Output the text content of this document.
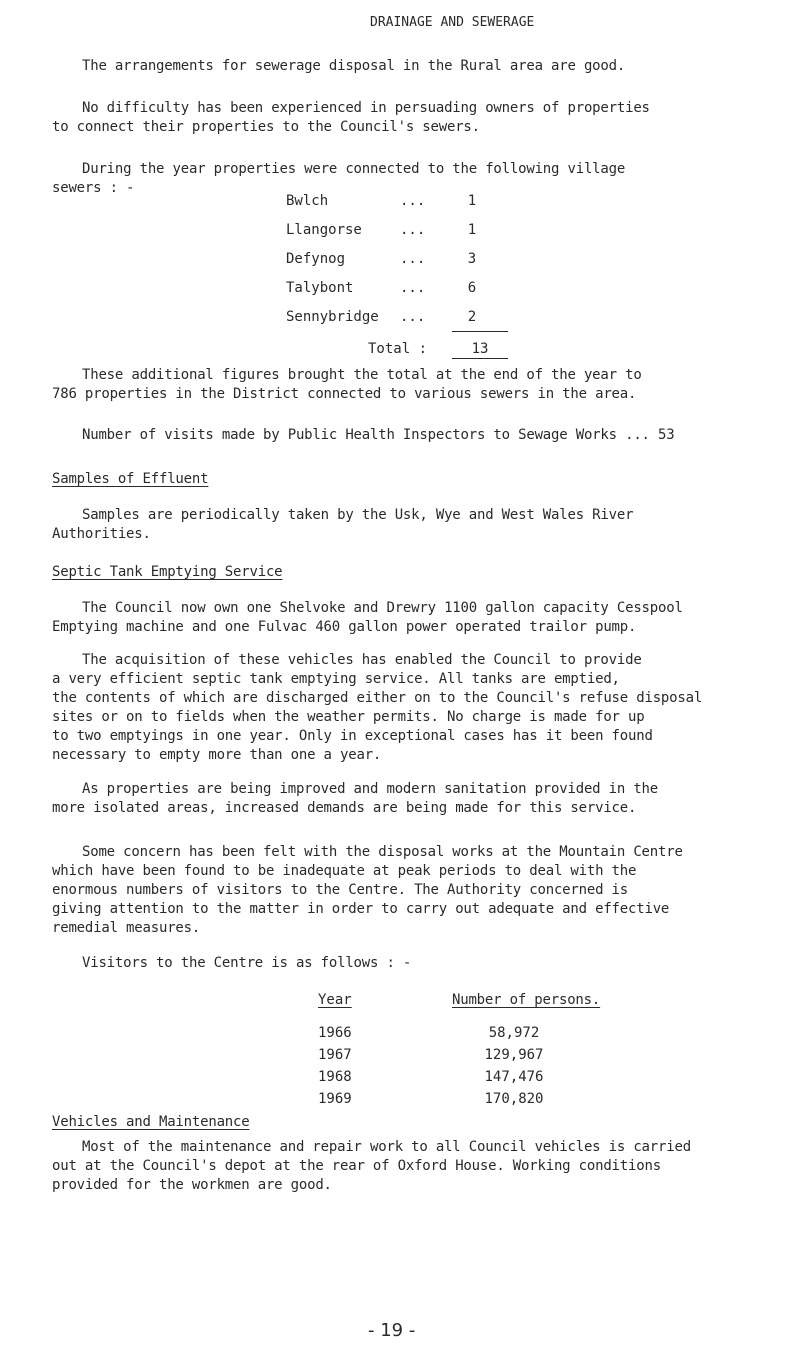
DRAINAGE AND SEWERAGE
The arrangements for sewerage disposal in the Rural area are good.
No difficulty has been experienced in persuading owners of properties
to connect their properties to the Council's sewers.
During the year properties were connected to the following village
sewers : -
Bwlch	...	1
Llangorse	...	1
Defynog	...	3
Talybont	...	6
Sennybridge ...	2
Total :	13
These additional figures brought the total at the end of the year to
786 properties in the District connected to various sewers in the area.
Number of visits made by Public Health Inspectors to Sewage Works ... 53
Samples of Effluent
Samples are periodically taken by the Usk, Wye and West Wales River
Authorities.
Septic Tank Emptying Service
The Council now own one Shelvoke and Drewry 1100 gallon capacity Cesspool
Emptying machine and one Fulvac 460 gallon power operated trailor pump.
The acquisition of these vehicles has enabled the Council to provide
a very efficient septic tank emptying service. All tanks are emptied,
the contents of which are discharged either on to the Council's refuse disposal
sites or on to fields when the weather permits. No charge is made for up
to two emptyings in one year. Only in exceptional cases has it been found
necessary to empty more than one a year.
As properties are being improved and modern sanitation provided in the
more isolated areas, increased demands are being made for this service.
Some concern has been felt with the disposal works at the Mountain Centre
which have been found to be inadequate at peak periods to deal with the
enormous numbers of visitors to the Centre. The Authority concerned is
giving attention to the matter in order to carry out adequate and effective
remedial measures.
Visitors to the Centre is as follows : -
Year	Number of persons.
1966	58,972
1967	129,967
1968	147,476
1969	170,820
Vehicles and Maintenance
Most of the maintenance and repair work to all Council vehicles is carried
out at the Council's depot at the rear of Oxford House. Working conditions
provided for the workmen are good.
- 19 -
